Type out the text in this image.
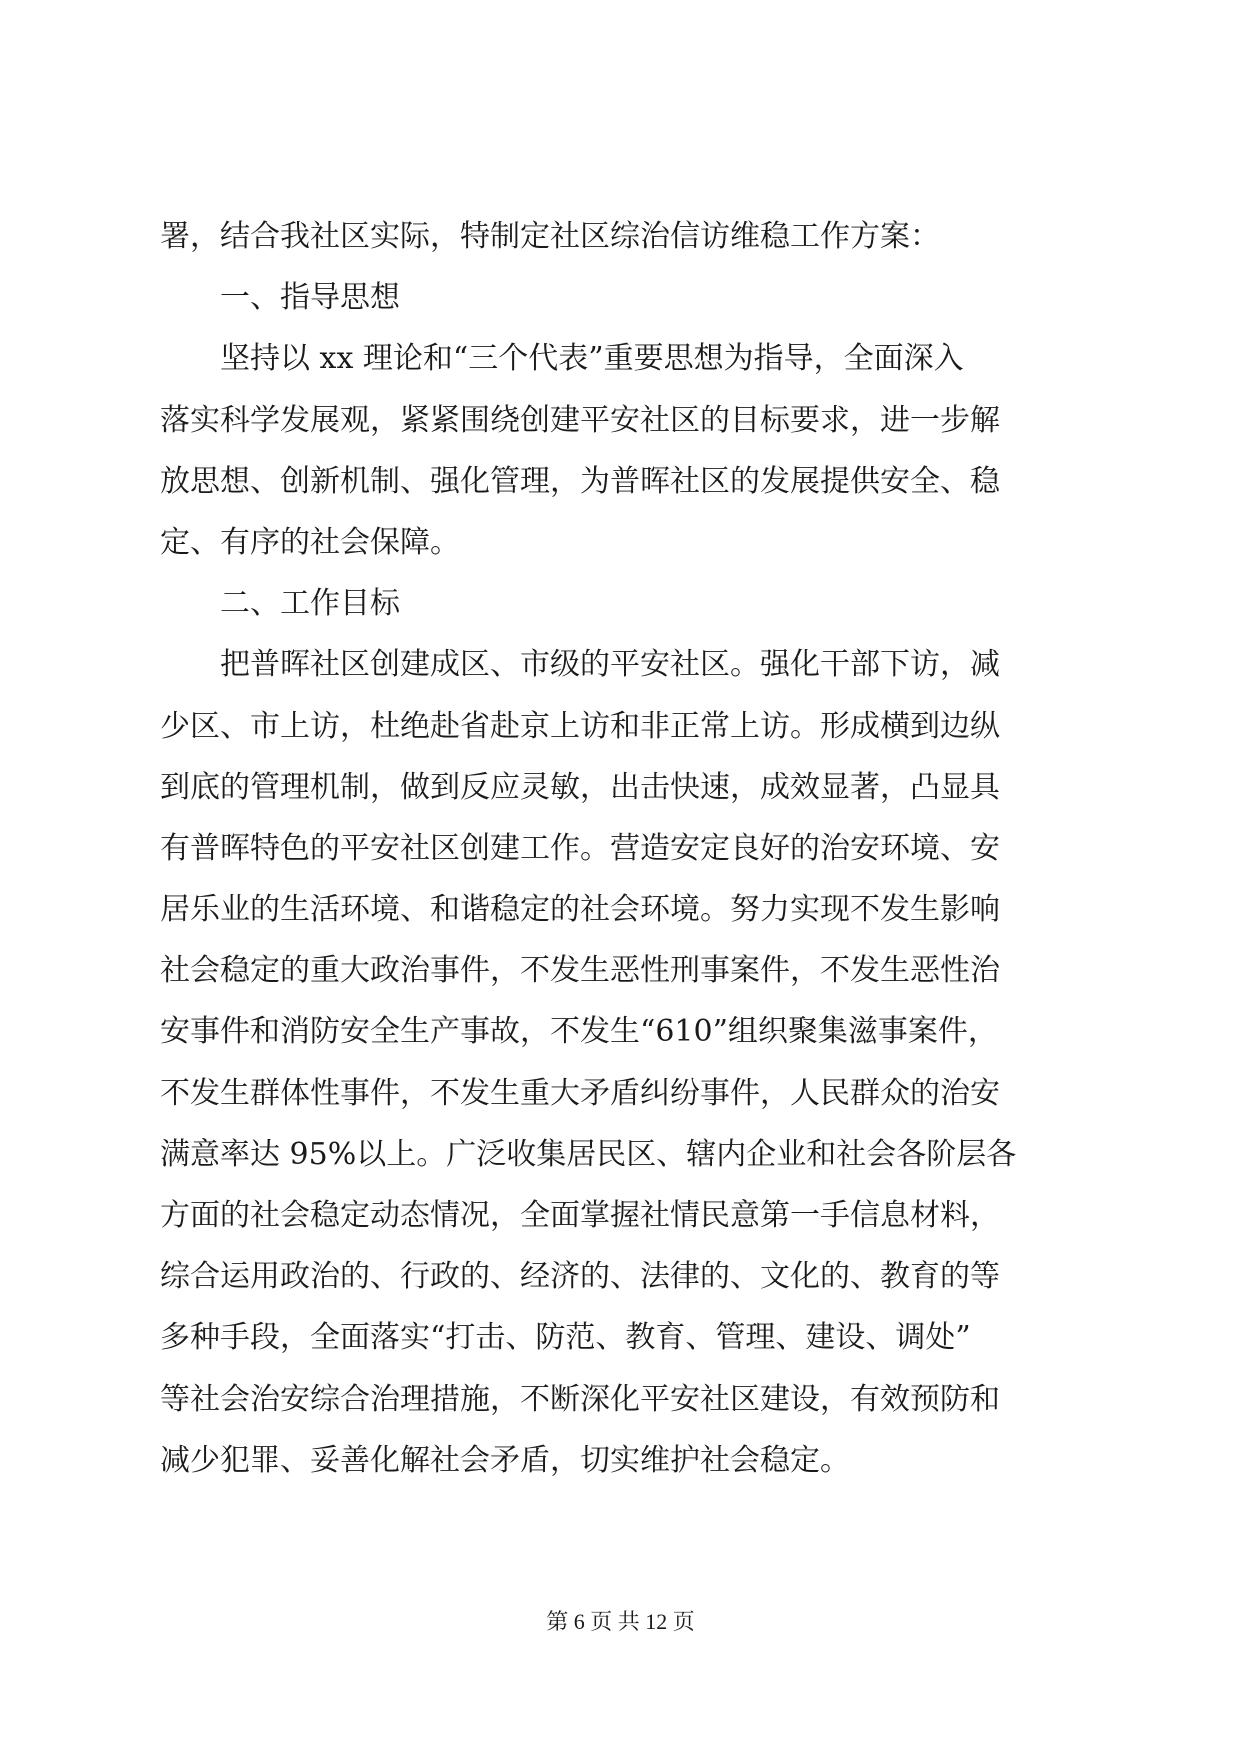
署，结合我社区实际，特制定社区综治信访维稳工作方案：
一、指导思想
坚持以 xx 理论和“三个代表”重要思想为指导，全面深入
落实科学发展观，紧紧围绕创建平安社区的目标要求，进一步解
放思想、创新机制、强化管理，为普晖社区的发展提供安全、稳
定、有序的社会保障。
二、工作目标
把普晖社区创建成区、市级的平安社区。强化干部下访，减
少区、市上访，杜绝赴省赴京上访和非正常上访。形成横到边纵
到底的管理机制，做到反应灵敏，出击快速，成效显著，凸显具
有普晖特色的平安社区创建工作。营造安定良好的治安环境、安
居乐业的生活环境、和谐稳定的社会环境。努力实现不发生影响
社会稳定的重大政治事件，不发生恶性刑事案件，不发生恶性治
安事件和消防安全生产事故，不发生“610”组织聚集滋事案件，
不发生群体性事件，不发生重大矛盾纠纷事件，人民群众的治安
满意率达 95%以上。广泛收集居民区、辖内企业和社会各阶层各
方面的社会稳定动态情况，全面掌握社情民意第一手信息材料，
综合运用政治的、行政的、经济的、法律的、文化的、教育的等
多种手段，全面落实“打击、防范、教育、管理、建设、调处”
等社会治安综合治理措施，不断深化平安社区建设，有效预防和
减少犯罪、妥善化解社会矛盾，切实维护社会稳定。
第 6 页 共 12 页
